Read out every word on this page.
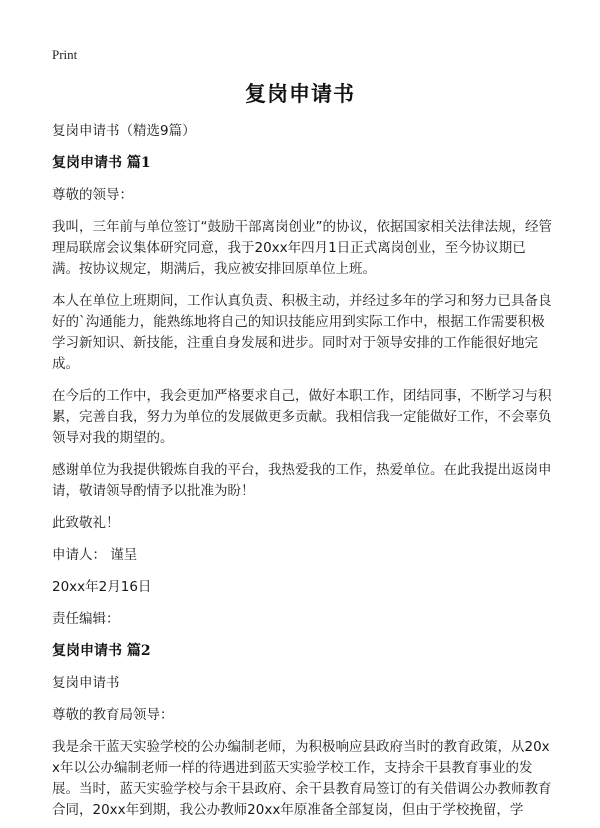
Print
复岗申请书

复岗申请书（精选9篇）

复岗申请书 篇1

尊敬的领导：

我叫，三年前与单位签订“鼓励干部离岗创业”的协议，依据国家相关法律法规，经管理局联席会议集体研究同意，我于20xx年四月1日正式离岗创业，至今协议期已满。按协议规定，期满后，我应被安排回原单位上班。

本人在单位上班期间，工作认真负责、积极主动，并经过多年的学习和努力已具备良好的`沟通能力，能熟练地将自己的知识技能应用到实际工作中，根据工作需要积极学习新知识、新技能，注重自身发展和进步。同时对于领导安排的工作能很好地完成。

在今后的工作中，我会更加严格要求自己，做好本职工作，团结同事，不断学习与积累，完善自我，努力为单位的发展做更多贡献。我相信我一定能做好工作，不会辜负领导对我的期望的。

感谢单位为我提供锻炼自我的平台，我热爱我的工作，热爱单位。在此我提出返岗申请，敬请领导酌情予以批准为盼！

此致敬礼！

申请人： 谨呈

20xx年2月16日

责任编辑：

复岗申请书 篇2

复岗申请书

尊敬的教育局领导：

我是余干蓝天实验学校的公办编制老师，为积极响应县政府当时的教育政策，从20xx年以公办编制老师一样的待遇进到蓝天实验学校工作，支持余干县教育事业的发展。当时，蓝天实验学校与余干县政府、余干县教育局签订的有关借调公办教师教育合同，20xx年到期，我公办教师20xx年原准备全部复岗，但由于学校挽留，学
